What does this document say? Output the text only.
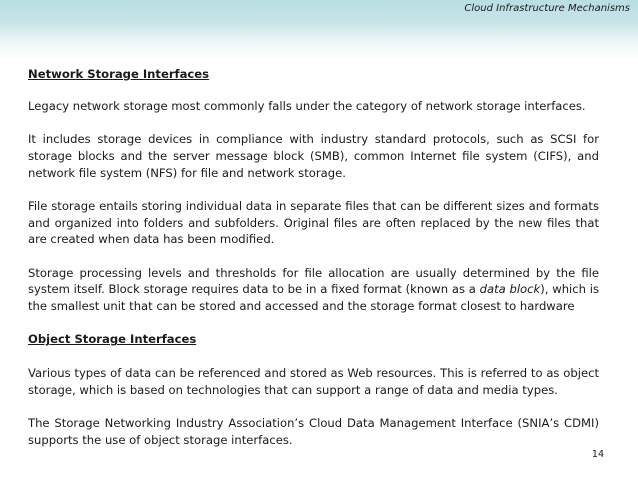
Cloud Infrastructure Mechanisms

Network Storage Interfaces

Legacy network storage most commonly falls under the category of network storage interfaces.

It includes storage devices in compliance with industry standard protocols, such as SCSI for storage blocks and the server message block (SMB), common Internet file system (CIFS), and network file system (NFS) for file and network storage.

File storage entails storing individual data in separate files that can be different sizes and formats and organized into folders and subfolders. Original files are often replaced by the new files that are created when data has been modified.

Storage processing levels and thresholds for file allocation are usually determined by the file system itself. Block storage requires data to be in a fixed format (known as a data block), which is the smallest unit that can be stored and accessed and the storage format closest to hardware

Object Storage Interfaces

Various types of data can be referenced and stored as Web resources. This is referred to as object storage, which is based on technologies that can support a range of data and media types.

The Storage Networking Industry Association’s Cloud Data Management Interface (SNIA’s CDMI) supports the use of object storage interfaces.

14
